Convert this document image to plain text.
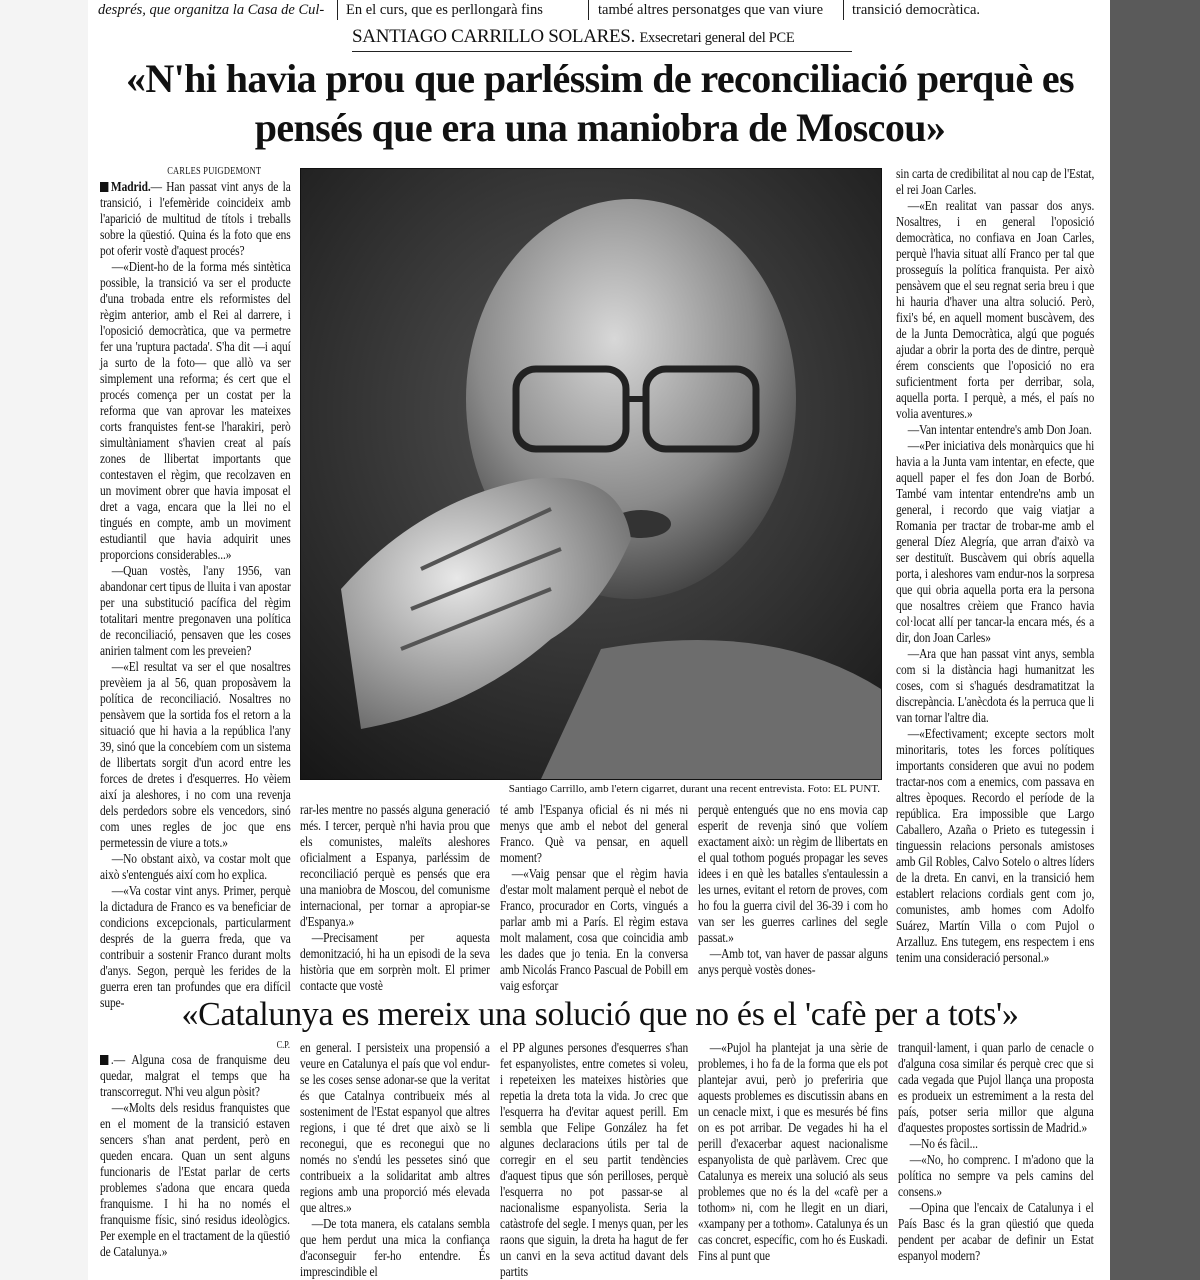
després, que organitza la Casa de Cul-	En el curs, que es perllongarà fins	també altres personatges que van viure	transició democràtica.
SANTIAGO CARRILLO SOLARES. Exsecretari general del PCE
«N'hi havia prou que parléssim de reconciliació perquè es pensés que era una maniobra de Moscou»
CARLES PUIGDEMONT

Madrid.— Han passat vint anys de la transició, i l'efemèride coincideix amb l'aparició de multitud de títols i treballs sobre la qüestió. Quina és la foto que ens pot oferir vostè d'aquest procés?

—«Dient-ho de la forma més sintètica possible, la transició va ser el producte d'una trobada entre els reformistes del règim anterior, amb el Rei al darrere, i l'oposició democràtica, que va permetre fer una 'ruptura pactada'. S'ha dit —i aquí ja surto de la foto— que allò va ser simplement una reforma; és cert que el procés comença per un costat per la reforma que van aprovar les mateixes corts franquistes fent-se l'harakiri, però simultàniament s'havien creat al país zones de llibertat importants que contestaven el règim, que recolzaven en un moviment obrer que havia imposat el dret a vaga, encara que la llei no el tingués en compte, amb un moviment estudiantil que havia adquirit unes proporcions considerables...»

—Quan vostès, l'any 1956, van abandonar cert tipus de lluita i van apostar per una substitució pacífica del règim totalitari mentre pregonaven una política de reconciliació, pensaven que les coses anirien talment com les preveien?

—«El resultat va ser el que nosaltres prevèiem ja al 56, quan proposàvem la política de reconciliació. Nosaltres no pensàvem que la sortida fos el retorn a la situació que hi havia a la república l'any 39, sinó que la concebíem com un sistema de llibertats sorgit d'un acord entre les forces de dretes i d'esquerres. Ho vèiem així ja aleshores, i no com una revenja dels perdedors sobre els vencedors, sinó com unes regles de joc que ens permetessin de viure a tots.»

—No obstant això, va costar molt que això s'entengués així com ho explica.

—«Va costar vint anys. Primer, perquè la dictadura de Franco es va beneficiar de condicions excepcionals, particularment després de la guerra freda, que va contribuir a sostenir Franco durant molts d'anys. Segon, perquè les ferides de la guerra eren tan profundes que era difícil supe-

Santiago Carrillo, amb l'etern cigarret, durant una recent entrevista. Foto: EL PUNT.

rar-les mentre no passés alguna generació més. I tercer, perquè n'hi havia prou que els comunistes, maleïts aleshores oficialment a Espanya, parléssim de reconciliació perquè es pensés que era una maniobra de Moscou, del comunisme internacional, per tornar a apropiar-se d'Espanya.»

—Precisament per aquesta demonització, hi ha un episodi de la seva història que em sorprèn molt. El primer contacte que vostè

té amb l'Espanya oficial és ni més ni menys que amb el nebot del general Franco. Què va pensar, en aquell moment?

—«Vaig pensar que el règim havia d'estar molt malament perquè el nebot de Franco, procurador en Corts, vingués a parlar amb mi a París. El règim estava molt malament, cosa que coincidia amb les dades que jo tenia. En la conversa amb Nicolás Franco Pascual de Pobill em vaig esforçar

perquè entengués que no ens movia cap esperit de revenja sinó que volíem exactament això: un règim de llibertats en el qual tothom pogués propagar les seves idees i en què les batalles s'entaulessin a les urnes, evitant el retorn de proves, com ho fou la guerra civil del 36-39 i com ho van ser les guerres carlines del segle passat.»

—Amb tot, van haver de passar alguns anys perquè vostès dones-

sin carta de credibilitat al nou cap de l'Estat, el rei Joan Carles.

—«En realitat van passar dos anys. Nosaltres, i en general l'oposició democràtica, no confiava en Joan Carles, perquè l'havia situat allí Franco per tal que prosseguís la política franquista. Per això pensàvem que el seu regnat seria breu i que hi hauria d'haver una altra solució. Però, fixi's bé, en aquell moment buscàvem, des de la Junta Democràtica, algú que pogués ajudar a obrir la porta des de dintre, perquè érem conscients que l'oposició no era suficientment forta per derribar, sola, aquella porta. I perquè, a més, el país no volia aventures.»

—Van intentar entendre's amb Don Joan.

—«Per iniciativa dels monàrquics que hi havia a la Junta vam intentar, en efecte, que aquell paper el fes don Joan de Borbó. També vam intentar entendre'ns amb un general, i recordo que vaig viatjar a Romania per tractar de trobar-me amb el general Díez Alegría, que arran d'això va ser destituït. Buscàvem qui obrís aquella porta, i aleshores vam endur-nos la sorpresa que qui obria aquella porta era la persona que nosaltres crèiem que Franco havia col·locat allí per tancar-la encara més, és a dir, don Joan Carles»

—Ara que han passat vint anys, sembla com si la distància hagi humanitzat les coses, com si s'hagués desdramatitzat la discrepància. L'anècdota és la perruca que li van tornar l'altre dia.

—«Efectivament; excepte sectors molt minoritaris, totes les forces polítiques importants consideren que avui no podem tractar-nos com a enemics, com passava en altres èpoques. Recordo el període de la república. Era impossible que Largo Caballero, Azaña o Prieto es tutegessin i tinguessin relacions personals amistoses amb Gil Robles, Calvo Sotelo o altres líders de la dreta. En canvi, en la transició hem establert relacions cordials gent com jo, comunistes, amb homes com Adolfo Suárez, Martín Villa o com Pujol o Arzalluz. Ens tutegem, ens respectem i ens tenim una consideració personal.»

«Catalunya es mereix una solució que no és el 'cafè per a tots'»
C.P.

.— Alguna cosa de franquisme deu quedar, malgrat el temps que ha transcorregut. N'hi veu algun pòsit?

—«Molts dels residus franquistes que en el moment de la transició estaven sencers s'han anat perdent, però en queden encara. Quan un sent alguns funcionaris de l'Estat parlar de certs problemes s'adona que encara queda franquisme. I hi ha no només el franquisme físic, sinó residus ideològics. Per exemple en el tractament de la qüestió de Catalunya.»

en general. I persisteix una propensió a veure en Catalunya el país que vol endur-se les coses sense adonar-se que la veritat és que Catalnya contribueix més al sosteniment de l'Estat espanyol que altres regions, i que té dret que això se li reconegui, que es reconegui que no només no s'endú les pessetes sinó que contribueix a la solidaritat amb altres regions amb una proporció més elevada que altres.»

—De tota manera, els catalans sembla que hem perdut una mica la confiança d'aconseguir fer-ho entendre. És imprescindible el

el PP algunes persones d'esquerres s'han fet espanyolistes, entre cometes si voleu, i repeteixen les mateixes històries que repetia la dreta tota la vida. Jo crec que l'esquerra ha d'evitar aquest perill. Em sembla que Felipe González ha fet algunes declaracions útils per tal de corregir en el seu partit tendències d'aquest tipus que són perilloses, perquè l'esquerra no pot passar-se al nacionalisme espanyolista. Seria la catàstrofe del segle. I menys quan, per les raons que siguin, la dreta ha hagut de fer un canvi en la seva actitud davant dels partits

—«Pujol ha plantejat ja una sèrie de problemes, i ho fa de la forma que els pot plantejar avui, però jo preferiria que aquests problemes es discutissin abans en un cenacle mixt, i que es mesurés bé fins on es pot arribar. De vegades hi ha el perill d'exacerbar aquest nacionalisme espanyolista de què parlàvem. Crec que Catalunya es mereix una solució als seus problemes que no és la del «cafè per a tothom» ni, com he llegit en un diari, «xampany per a tothom». Catalunya és un cas concret, específic, com ho és Euskadi. Fins al punt que

tranquil·lament, i quan parlo de cenacle o d'alguna cosa similar és perquè crec que si cada vegada que Pujol llança una proposta es produeix un estremiment a la resta del país, potser seria millor que alguna d'aquestes propostes sortissin de Madrid.»

—No és fàcil...

—«No, ho comprenc. I m'adono que la política no sempre va pels camins del consens.»

—Opina que l'encaix de Catalunya i el País Basc és la gran qüestió que queda pendent per acabar de definir un Estat espanyol modern?
